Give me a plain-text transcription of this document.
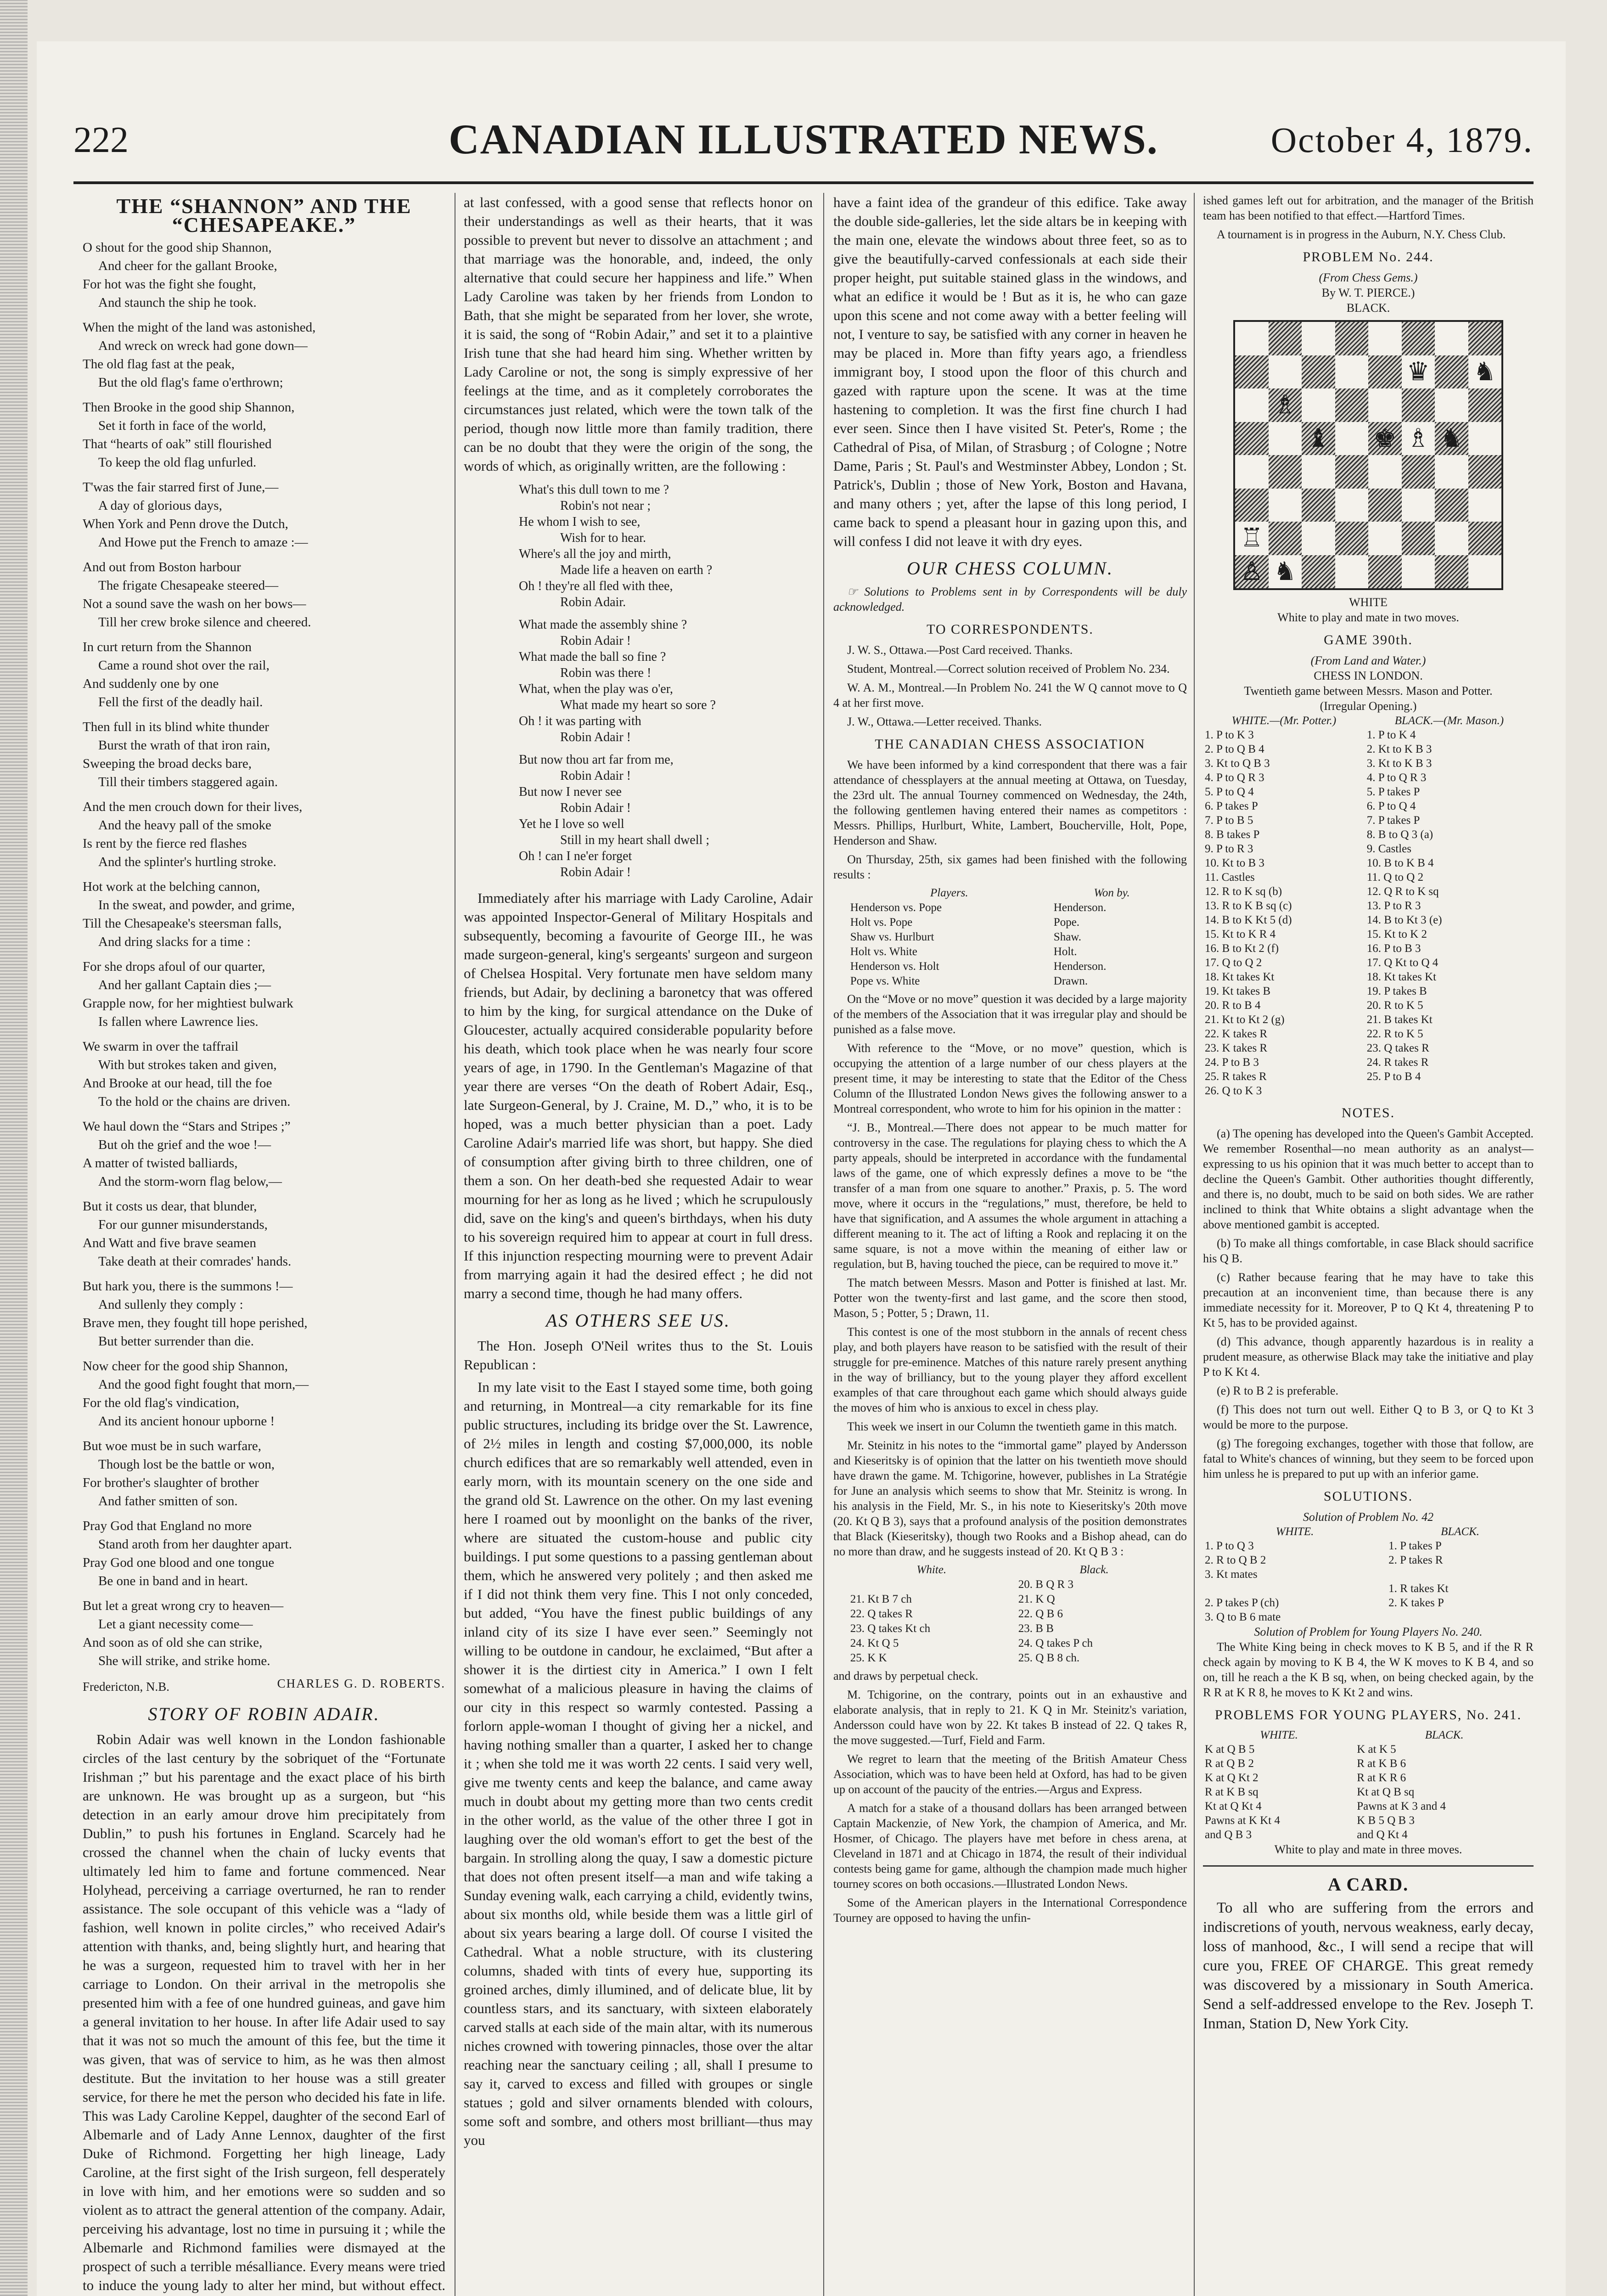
222	CANADIAN ILLUSTRATED NEWS.	October 4, 1879.
THE “SHANNON” AND THE “CHESAPEAKE.”

O shout for the good ship Shannon,

And cheer for the gallant Brooke,

For hot was the fight she fought,

And staunch the ship he took.

When the might of the land was astonished,

And wreck on wreck had gone down—

The old flag fast at the peak,

But the old flag's fame o'erthrown;

Then Brooke in the good ship Shannon,

Set it forth in face of the world,

That “hearts of oak” still flourished

To keep the old flag unfurled.

T'was the fair starred first of June,—

A day of glorious days,

When York and Penn drove the Dutch,

And Howe put the French to amaze :—

And out from Boston harbour

The frigate Chesapeake steered—

Not a sound save the wash on her bows—

Till her crew broke silence and cheered.

In curt return from the Shannon

Came a round shot over the rail,

And suddenly one by one

Fell the first of the deadly hail.

Then full in its blind white thunder

Burst the wrath of that iron rain,

Sweeping the broad decks bare,

Till their timbers staggered again.

And the men crouch down for their lives,

And the heavy pall of the smoke

Is rent by the fierce red flashes

And the splinter's hurtling stroke.

Hot work at the belching cannon,

In the sweat, and powder, and grime,

Till the Chesapeake's steersman falls,

And dring slacks for a time :

For she drops afoul of our quarter,

And her gallant Captain dies ;—

Grapple now, for her mightiest bulwark

Is fallen where Lawrence lies.

We swarm in over the taffrail

With but strokes taken and given,

And Brooke at our head, till the foe

To the hold or the chains are driven.

We haul down the “Stars and Stripes ;”

But oh the grief and the woe !—

A matter of twisted balliards,

And the storm-worn flag below,—

But it costs us dear, that blunder,

For our gunner misunderstands,

And Watt and five brave seamen

Take death at their comrades' hands.

But hark you, there is the summons !—

And sullenly they comply :

Brave men, they fought till hope perished,

But better surrender than die.

Now cheer for the good ship Shannon,

And the good fight fought that morn,—

For the old flag's vindication,

And its ancient honour upborne !

But woe must be in such warfare,

Though lost be the battle or won,

For brother's slaughter of brother

And father smitten of son.

Pray God that England no more

Stand aroth from her daughter apart.

Pray God one blood and one tongue

Be one in band and in heart.

But let a great wrong cry to heaven—

Let a giant necessity come—

And soon as of old she can strike,

She will strike, and strike home.

CHARLES G. D. ROBERTS.
Fredericton, N.B.
STORY OF ROBIN ADAIR.

Robin Adair was well known in the London fashionable circles of the last century by the sobriquet of the “Fortunate Irishman ;” but his parentage and the exact place of his birth are unknown. He was brought up as a surgeon, but “his detection in an early amour drove him precipitately from Dublin,” to push his fortunes in England. Scarcely had he crossed the channel when the chain of lucky events that ultimately led him to fame and fortune commenced. Near Holyhead, perceiving a carriage overturned, he ran to render assistance. The sole occupant of this vehicle was a “lady of fashion, well known in polite circles,” who received Adair's attention with thanks, and, being slightly hurt, and hearing that he was a surgeon, requested him to travel with her in her carriage to London. On their arrival in the metropolis she presented him with a fee of one hundred guineas, and gave him a general invitation to her house. In after life Adair used to say that it was not so much the amount of this fee, but the time it was given, that was of service to him, as he was then almost destitute. But the invitation to her house was a still greater service, for there he met the person who decided his fate in life. This was Lady Caroline Keppel, daughter of the second Earl of Albemarle and of Lady Anne Lennox, daughter of the first Duke of Richmond. Forgetting her high lineage, Lady Caroline, at the first sight of the Irish surgeon, fell desperately in love with him, and her emotions were so sudden and so violent as to attract the general attention of the company. Adair, perceiving his advantage, lost no time in pursuing it ; while the Albemarle and Richmond families were dismayed at the prospect of such a terrible mésalliance. Every means were tried to induce the young lady to alter her mind, but without effect.

at last confessed, with a good sense that reflects honor on their understandings as well as their hearts, that it was possible to prevent but never to dissolve an attachment ; and that marriage was the honorable, and, indeed, the only alternative that could secure her happiness and life.” When Lady Caroline was taken by her friends from London to Bath, that she might be separated from her lover, she wrote, it is said, the song of “Robin Adair,” and set it to a plaintive Irish tune that she had heard him sing. Whether written by Lady Caroline or not, the song is simply expressive of her feelings at the time, and as it completely corroborates the circumstances just related, which were the town talk of the period, though now little more than family tradition, there can be no doubt that they were the origin of the song, the words of which, as originally written, are the following :

What's this dull town to me ?
Robin's not near ;
He whom I wish to see,
Wish for to hear.
Where's all the joy and mirth,
Made life a heaven on earth ?
Oh ! they're all fled with thee,
Robin Adair.
What made the assembly shine ?
Robin Adair !
What made the ball so fine ?
Robin was there !
What, when the play was o'er,
What made my heart so sore ?
Oh ! it was parting with
Robin Adair !
But now thou art far from me,
Robin Adair !
But now I never see
Robin Adair !
Yet he I love so well
Still in my heart shall dwell ;
Oh ! can I ne'er forget
Robin Adair !

Immediately after his marriage with Lady Caroline, Adair was appointed Inspector-General of Military Hospitals and subsequently, becoming a favourite of George III., he was made surgeon-general, king's sergeants' surgeon and surgeon of Chelsea Hospital. Very fortunate men have seldom many friends, but Adair, by declining a baronetcy that was offered to him by the king, for surgical attendance on the Duke of Gloucester, actually acquired considerable popularity before his death, which took place when he was nearly four score years of age, in 1790. In the Gentleman's Magazine of that year there are verses “On the death of Robert Adair, Esq., late Surgeon-General, by J. Craine, M. D.,” who, it is to be hoped, was a much better physician than a poet. Lady Caroline Adair's married life was short, but happy. She died of consumption after giving birth to three children, one of them a son. On her death-bed she requested Adair to wear mourning for her as long as he lived ; which he scrupulously did, save on the king's and queen's birthdays, when his duty to his sovereign required him to appear at court in full dress. If this injunction respecting mourning were to prevent Adair from marrying again it had the desired effect ; he did not marry a second time, though he had many offers.

AS OTHERS SEE US.

The Hon. Joseph O'Neil writes thus to the St. Louis Republican :

In my late visit to the East I stayed some time, both going and returning, in Montreal—a city remarkable for its fine public structures, including its bridge over the St. Lawrence, of 2½ miles in length and costing $7,000,000, its noble church edifices that are so remarkably well attended, even in early morn, with its mountain scenery on the one side and the grand old St. Lawrence on the other. On my last evening here I roamed out by moonlight on the banks of the river, where are situated the custom-house and public city buildings. I put some questions to a passing gentleman about them, which he answered very politely ; and then asked me if I did not think them very fine. This I not only conceded, but added, “You have the finest public buildings of any inland city of its size I have ever seen.” Seemingly not willing to be outdone in candour, he exclaimed, “But after a shower it is the dirtiest city in America.” I own I felt somewhat of a malicious pleasure in having the claims of our city in this respect so warmly contested. Passing a forlorn apple-woman I thought of giving her a nickel, and having nothing smaller than a quarter, I asked her to change it ; when she told me it was worth 22 cents. I said very well, give me twenty cents and keep the balance, and came away much in doubt about my getting more than two cents credit in the other world, as the value of the other three I got in laughing over the old woman's effort to get the best of the bargain. In strolling along the quay, I saw a domestic picture that does not often present itself—a man and wife taking a Sunday evening walk, each carrying a child, evidently twins, about six months old, while beside them was a little girl of about six years bearing a large doll. Of course I visited the Cathedral. What a noble structure, with its clustering columns, shaded with tints of every hue, supporting its groined arches, dimly illumined, and of delicate blue, lit by countless stars, and its sanctuary, with sixteen elaborately carved stalls at each side of the main altar, with its numerous niches crowned with towering pinnacles, those over the altar reaching near the sanctuary ceiling ; all, shall I presume to say it, carved to excess and filled with groupes or single statues ; gold and silver ornaments blended with colours, some soft and sombre, and others most brilliant—thus may you

have a faint idea of the grandeur of this edifice. Take away the double side-galleries, let the side altars be in keeping with the main one, elevate the windows about three feet, so as to give the beautifully-carved confessionals at each side their proper height, put suitable stained glass in the windows, and what an edifice it would be ! But as it is, he who can gaze upon this scene and not come away with a better feeling will not, I venture to say, be satisfied with any corner in heaven he may be placed in. More than fifty years ago, a friendless immigrant boy, I stood upon the floor of this church and gazed with rapture upon the scene. It was at the time hastening to completion. It was the first fine church I had ever seen. Since then I have visited St. Peter's, Rome ; the Cathedral of Pisa, of Milan, of Strasburg ; of Cologne ; Notre Dame, Paris ; St. Paul's and Westminster Abbey, London ; St. Patrick's, Dublin ; those of New York, Boston and Havana, and many others ; yet, after the lapse of this long period, I came back to spend a pleasant hour in gazing upon this, and will confess I did not leave it with dry eyes.

OUR CHESS COLUMN.

☞ Solutions to Problems sent in by Correspondents will be duly acknowledged.

TO CORRESPONDENTS.

J. W. S., Ottawa.—Post Card received. Thanks.

Student, Montreal.—Correct solution received of Problem No. 234.

W. A. M., Montreal.—In Problem No. 241 the W Q cannot move to Q 4 at her first move.

J. W., Ottawa.—Letter received. Thanks.

THE CANADIAN CHESS ASSOCIATION

We have been informed by a kind correspondent that there was a fair attendance of chessplayers at the annual meeting at Ottawa, on Tuesday, the 23rd ult. The annual Tourney commenced on Wednesday, the 24th, the following gentlemen having entered their names as competitors : Messrs. Phillips, Hurlburt, White, Lambert, Boucherville, Holt, Pope, Henderson and Shaw.

On Thursday, 25th, six games had been finished with the following results :

Players.	Won by.
Henderson vs. Pope	Henderson.
Holt vs. Pope	Pope.
Shaw vs. Hurlburt	Shaw.
Holt vs. White	Holt.
Henderson vs. Holt	Henderson.
Pope vs. White	Drawn.

On the “Move or no move” question it was decided by a large majority of the members of the Association that it was irregular play and should be punished as a false move.

With reference to the “Move, or no move” question, which is occupying the attention of a large number of our chess players at the present time, it may be interesting to state that the Editor of the Chess Column of the Illustrated London News gives the following answer to a Montreal correspondent, who wrote to him for his opinion in the matter :

“J. B., Montreal.—There does not appear to be much matter for controversy in the case. The regulations for playing chess to which the A party appeals, should be interpreted in accordance with the fundamental laws of the game, one of which expressly defines a move to be “the transfer of a man from one square to another.” Praxis, p. 5. The word move, where it occurs in the “regulations,” must, therefore, be held to have that signification, and A assumes the whole argument in attaching a different meaning to it. The act of lifting a Rook and replacing it on the same square, is not a move within the meaning of either law or regulation, but B, having touched the piece, can be required to move it.”

The match between Messrs. Mason and Potter is finished at last. Mr. Potter won the twenty-first and last game, and the score then stood, Mason, 5 ; Potter, 5 ; Drawn, 11.

This contest is one of the most stubborn in the annals of recent chess play, and both players have reason to be satisfied with the result of their struggle for pre-eminence. Matches of this nature rarely present anything in the way of brilliancy, but to the young player they afford excellent examples of that care throughout each game which should always guide the moves of him who is anxious to excel in chess play.

This week we insert in our Column the twentieth game in this match.

Mr. Steinitz in his notes to the “immortal game” played by Andersson and Kieseritsky is of opinion that the latter on his twentieth move should have drawn the game. M. Tchigorine, however, publishes in La Stratégie for June an analysis which seems to show that Mr. Steinitz is wrong. In his analysis in the Field, Mr. S., in his note to Kieseritsky's 20th move (20. Kt Q B 3), says that a profound analysis of the position demonstrates that Black (Kieseritsky), though two Rooks and a Bishop ahead, can do no more than draw, and he suggests instead of 20. Kt Q B 3 :

White.	Black.
	20. B Q R 3
21. Kt B 7 ch	21. K Q
22. Q takes R	22. Q B 6
23. Q takes Kt ch	23. B B
24. Kt Q 5	24. Q takes P ch
25. K K	25. Q B 8 ch.

and draws by perpetual check.

M. Tchigorine, on the contrary, points out in an exhaustive and elaborate analysis, that in reply to 21. K Q in Mr. Steinitz's variation, Andersson could have won by 22. Kt takes B instead of 22. Q takes R, the move suggested.—Turf, Field and Farm.

We regret to learn that the meeting of the British Amateur Chess Association, which was to have been held at Oxford, has had to be given up on account of the paucity of the entries.—Argus and Express.

A match for a stake of a thousand dollars has been arranged between Captain Mackenzie, of New York, the champion of America, and Mr. Hosmer, of Chicago. The players have met before in chess arena, at Cleveland in 1871 and at Chicago in 1874, the result of their individual contests being game for game, although the champion made much higher tourney scores on both occasions.—Illustrated London News.

Some of the American players in the International Correspondence Tourney are opposed to having the unfin-

ished games left out for arbitration, and the manager of the British team has been notified to that effect.—Hartford Times.

A tournament is in progress in the Auburn, N.Y. Chess Club.

PROBLEM No. 244.
(From Chess Gems.)
By W. T. PIERCE.)
BLACK.
♛ ♞
♗
♝ ♚ ♗ ♞
♖
♙ ♞
WHITE
White to play and mate in two moves.
GAME 390th.
(From Land and Water.)
CHESS IN LONDON.
Twentieth game between Messrs. Mason and Potter.
(Irregular Opening.)
WHITE.—(Mr. Potter.)	BLACK.—(Mr. Mason.)
1. P to K 3	1. P to K 4
2. P to Q B 4	2. Kt to K B 3
3. Kt to Q B 3	3. Kt to K B 3
4. P to Q R 3	4. P to Q R 3
5. P to Q 4	5. P takes P
6. P takes P	6. P to Q 4
7. P to B 5	7. P takes P
8. B takes P	8. B to Q 3 (a)
9. P to R 3	9. Castles
10. Kt to B 3	10. B to K B 4
11. Castles	11. Q to Q 2
12. R to K sq (b)	12. Q R to K sq
13. R to K B sq (c)	13. P to R 3
14. B to K Kt 5 (d)	14. B to Kt 3 (e)
15. Kt to K R 4	15. Kt to K 2
16. B to Kt 2 (f)	16. P to B 3
17. Q to Q 2	17. Q Kt to Q 4
18. Kt takes Kt	18. Kt takes Kt
19. Kt takes B	19. P takes B
20. R to B 4	20. R to K 5
21. Kt to Kt 2 (g)	21. B takes Kt
22. K takes R	22. R to K 5
23. K takes R	23. Q takes R
24. P to B 3	24. R takes R
25. R takes R	25. P to B 4
26. Q to K 3	
NOTES.

(a) The opening has developed into the Queen's Gambit Accepted. We remember Rosenthal—no mean authority as an analyst—expressing to us his opinion that it was much better to accept than to decline the Queen's Gambit. Other authorities thought differently, and there is, no doubt, much to be said on both sides. We are rather inclined to think that White obtains a slight advantage when the above mentioned gambit is accepted.

(b) To make all things comfortable, in case Black should sacrifice his Q B.

(c) Rather because fearing that he may have to take this precaution at an inconvenient time, than because there is any immediate necessity for it. Moreover, P to Q Kt 4, threatening P to Kt 5, has to be provided against.

(d) This advance, though apparently hazardous is in reality a prudent measure, as otherwise Black may take the initiative and play P to K Kt 4.

(e) R to B 2 is preferable.

(f) This does not turn out well. Either Q to B 3, or Q to Kt 3 would be more to the purpose.

(g) The foregoing exchanges, together with those that follow, are fatal to White's chances of winning, but they seem to be forced upon him unless he is prepared to put up with an inferior game.

SOLUTIONS.
Solution of Problem No. 42
WHITE.	BLACK.
1. P to Q 3	1. P takes P
2. R to Q B 2	2. P takes R
3. Kt mates	
	1. R takes Kt
2. P takes P (ch)	2. K takes P
3. Q to B 6 mate	
Solution of Problem for Young Players No. 240.

The White King being in check moves to K B 5, and if the R R check again by moving to K B 4, the W K moves to K B 4, and so on, till he reach a the K B sq, when, on being checked again, by the R R at K R 8, he moves to K Kt 2 and wins.

PROBLEMS FOR YOUNG PLAYERS, No. 241.
WHITE.	BLACK.
K at Q B 5	K at K 5
R at Q B 2	R at K B 6
K at Q Kt 2	R at K R 6
R at K B sq	Kt at Q B sq
Kt at Q Kt 4	Pawns at K 3 and 4
Pawns at K Kt 4	K B 5 Q B 3
and Q B 3	and Q Kt 4
White to play and mate in three moves.
A CARD.

To all who are suffering from the errors and indiscretions of youth, nervous weakness, early decay, loss of manhood, &c., I will send a recipe that will cure you, FREE OF CHARGE. This great remedy was discovered by a missionary in South America. Send a self-addressed envelope to the Rev. Joseph T. Inman, Station D, New York City.
